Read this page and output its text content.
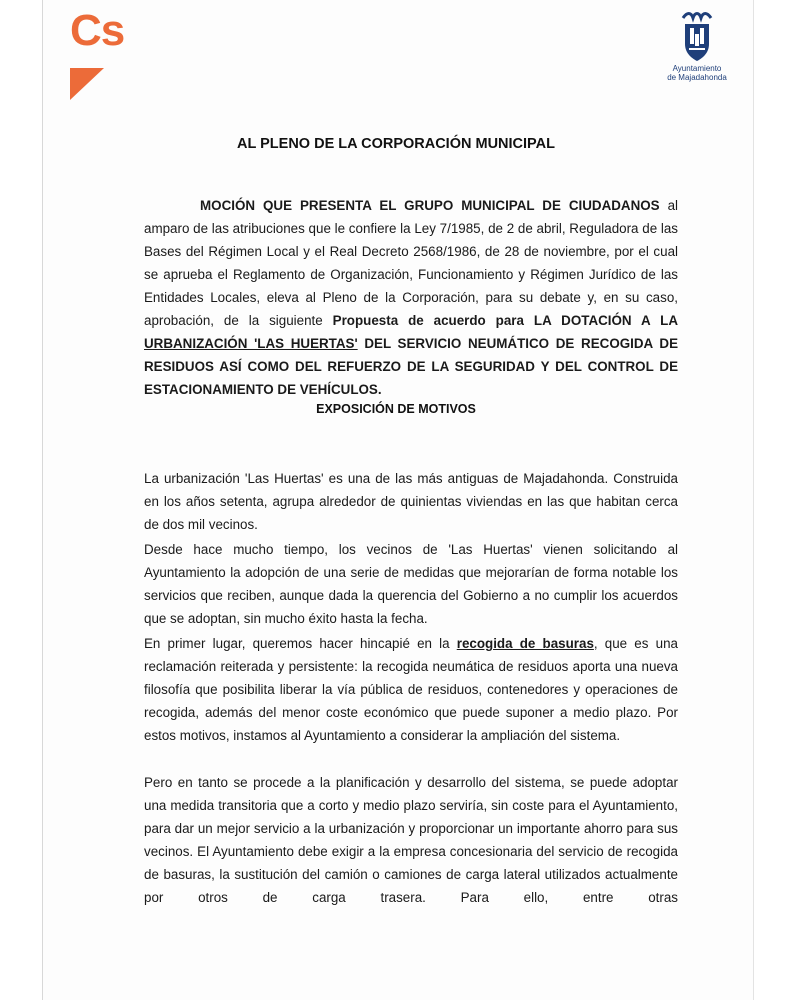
Cs
Ayuntamiento
de Majadahonda
AL PLENO DE LA CORPORACIÓN MUNICIPAL
MOCIÓN QUE PRESENTA EL GRUPO MUNICIPAL DE CIUDADANOS al amparo de las atribuciones que le confiere la Ley 7/1985, de 2 de abril, Reguladora de las Bases del Régimen Local y el Real Decreto 2568/1986, de 28 de noviembre, por el cual se aprueba el Reglamento de Organización, Funcionamiento y Régimen Jurídico de las Entidades Locales, eleva al Pleno de la Corporación, para su debate y, en su caso, aprobación, de la siguiente Propuesta de acuerdo para LA DOTACIÓN A LA URBANIZACIÓN 'LAS HUERTAS' DEL SERVICIO NEUMÁTICO DE RECOGIDA DE RESIDUOS ASÍ COMO DEL REFUERZO DE LA SEGURIDAD Y DEL CONTROL DE ESTACIONAMIENTO DE VEHÍCULOS.
EXPOSICIÓN DE MOTIVOS
La urbanización 'Las Huertas' es una de las más antiguas de Majadahonda. Construida en los años setenta, agrupa alrededor de quinientas viviendas en las que habitan cerca de dos mil vecinos.
Desde hace mucho tiempo, los vecinos de 'Las Huertas' vienen solicitando al Ayuntamiento la adopción de una serie de medidas que mejorarían de forma notable los servicios que reciben, aunque dada la querencia del Gobierno a no cumplir los acuerdos que se adoptan, sin mucho éxito hasta la fecha.
En primer lugar, queremos hacer hincapié en la recogida de basuras, que es una reclamación reiterada y persistente: la recogida neumática de residuos aporta una nueva filosofía que posibilita liberar la vía pública de residuos, contenedores y operaciones de recogida, además del menor coste económico que puede suponer a medio plazo. Por estos motivos, instamos al Ayuntamiento a considerar la ampliación del sistema.
Pero en tanto se procede a la planificación y desarrollo del sistema, se puede adoptar una medida transitoria que a corto y medio plazo serviría, sin coste para el Ayuntamiento, para dar un mejor servicio a la urbanización y proporcionar un importante ahorro para sus vecinos. El Ayuntamiento debe exigir a la empresa concesionaria del servicio de recogida de basuras, la sustitución del camión o camiones de carga lateral utilizados actualmente por otros de carga trasera. Para ello, entre otras
